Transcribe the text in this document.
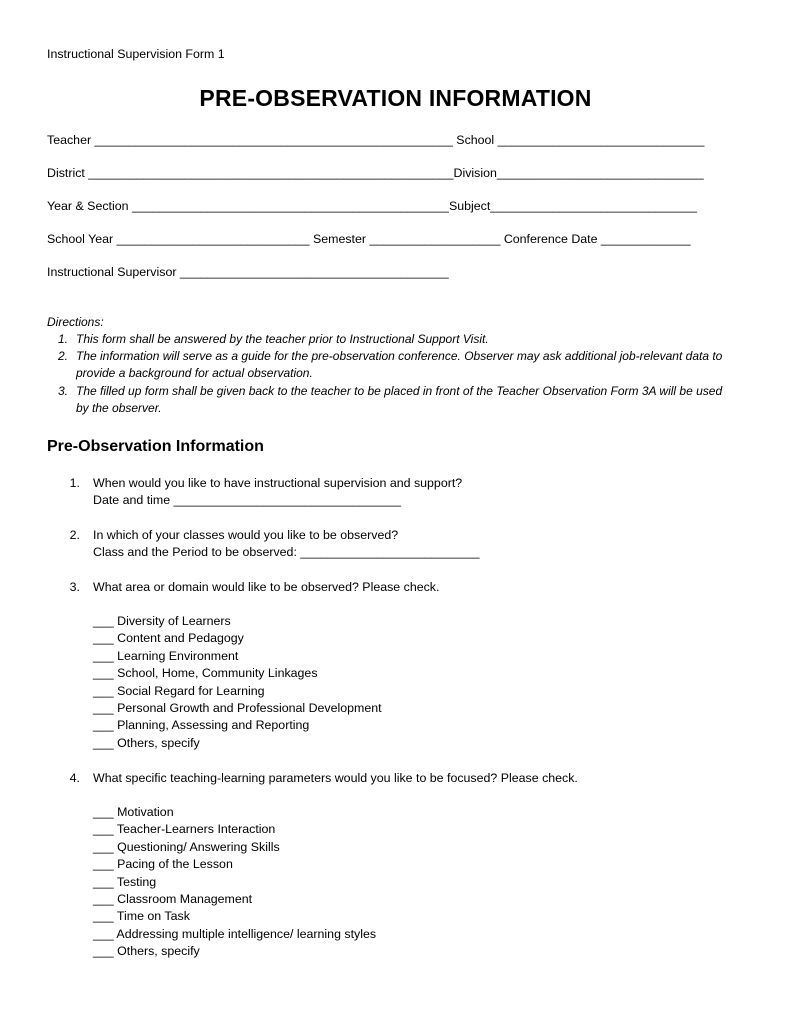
Instructional Supervision Form 1
PRE-OBSERVATION INFORMATION
Teacher ____________________________________________________ School ______________________________
District _____________________________________________________Division______________________________
Year & Section ______________________________________________Subject______________________________
School Year ____________________________ Semester ___________________ Conference Date _____________
Instructional Supervisor _______________________________________
Directions:
1. This form shall be answered by the teacher prior to Instructional Support Visit.
2. The information will serve as a guide for the pre-observation conference. Observer may ask additional job-relevant data to provide a background for actual observation.
3. The filled up form shall be given back to the teacher to be placed in front of the Teacher Observation Form 3A will be used by the observer.
Pre-Observation Information
1. When would you like to have instructional supervision and support?
Date and time _________________________________
2. In which of your classes would you like to be observed?
Class and the Period to be observed: __________________________
3. What area or domain would like to be observed? Please check.
___ Diversity of Learners
___ Content and Pedagogy
___ Learning Environment
___ School, Home, Community Linkages
___ Social Regard for Learning
___ Personal Growth and Professional Development
___ Planning, Assessing and Reporting
___ Others, specify
4. What specific teaching-learning parameters would you like to be focused? Please check.
___ Motivation
___ Teacher-Learners Interaction
___ Questioning/ Answering Skills
___ Pacing of the Lesson
___ Testing
___ Classroom Management
___ Time on Task
___ Addressing multiple intelligence/ learning styles
___ Others, specify
